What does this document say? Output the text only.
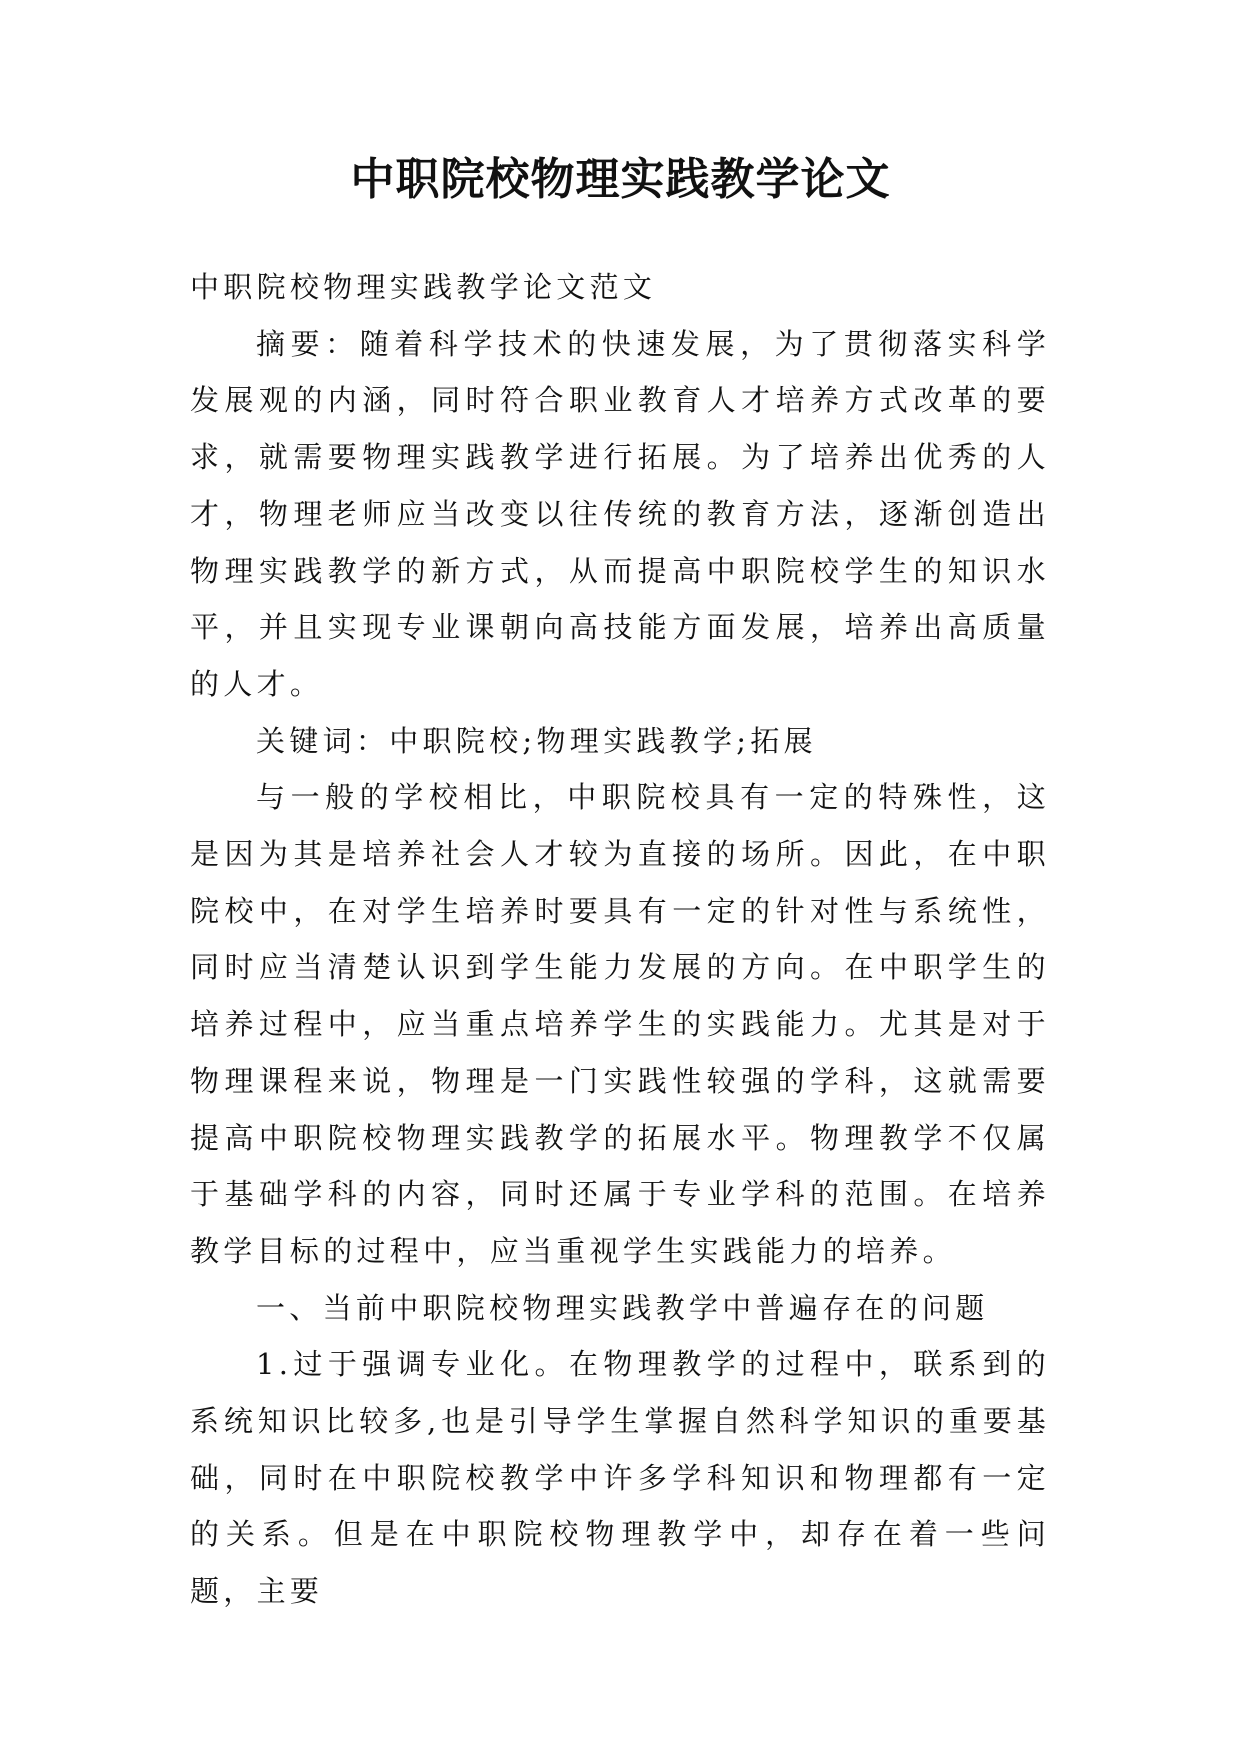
中职院校物理实践教学论文

中职院校物理实践教学论文范文

摘要：随着科学技术的快速发展，为了贯彻落实科学发展观的内涵，同时符合职业教育人才培养方式改革的要求，就需要物理实践教学进行拓展。为了培养出优秀的人才，物理老师应当改变以往传统的教育方法，逐渐创造出物理实践教学的新方式，从而提高中职院校学生的知识水平，并且实现专业课朝向高技能方面发展，培养出高质量的人才。

关键词：中职院校;物理实践教学;拓展

与一般的学校相比，中职院校具有一定的特殊性，这是因为其是培养社会人才较为直接的场所。因此，在中职院校中，在对学生培养时要具有一定的针对性与系统性，同时应当清楚认识到学生能力发展的方向。在中职学生的培养过程中，应当重点培养学生的实践能力。尤其是对于物理课程来说，物理是一门实践性较强的学科，这就需要提高中职院校物理实践教学的拓展水平。物理教学不仅属于基础学科的内容，同时还属于专业学科的范围。在培养教学目标的过程中，应当重视学生实践能力的培养。

一、当前中职院校物理实践教学中普遍存在的问题

1.过于强调专业化。在物理教学的过程中，联系到的系统知识比较多,也是引导学生掌握自然科学知识的重要基础，同时在中职院校教学中许多学科知识和物理都有一定的关系。但是在中职院校物理教学中，却存在着一些问题，主要
